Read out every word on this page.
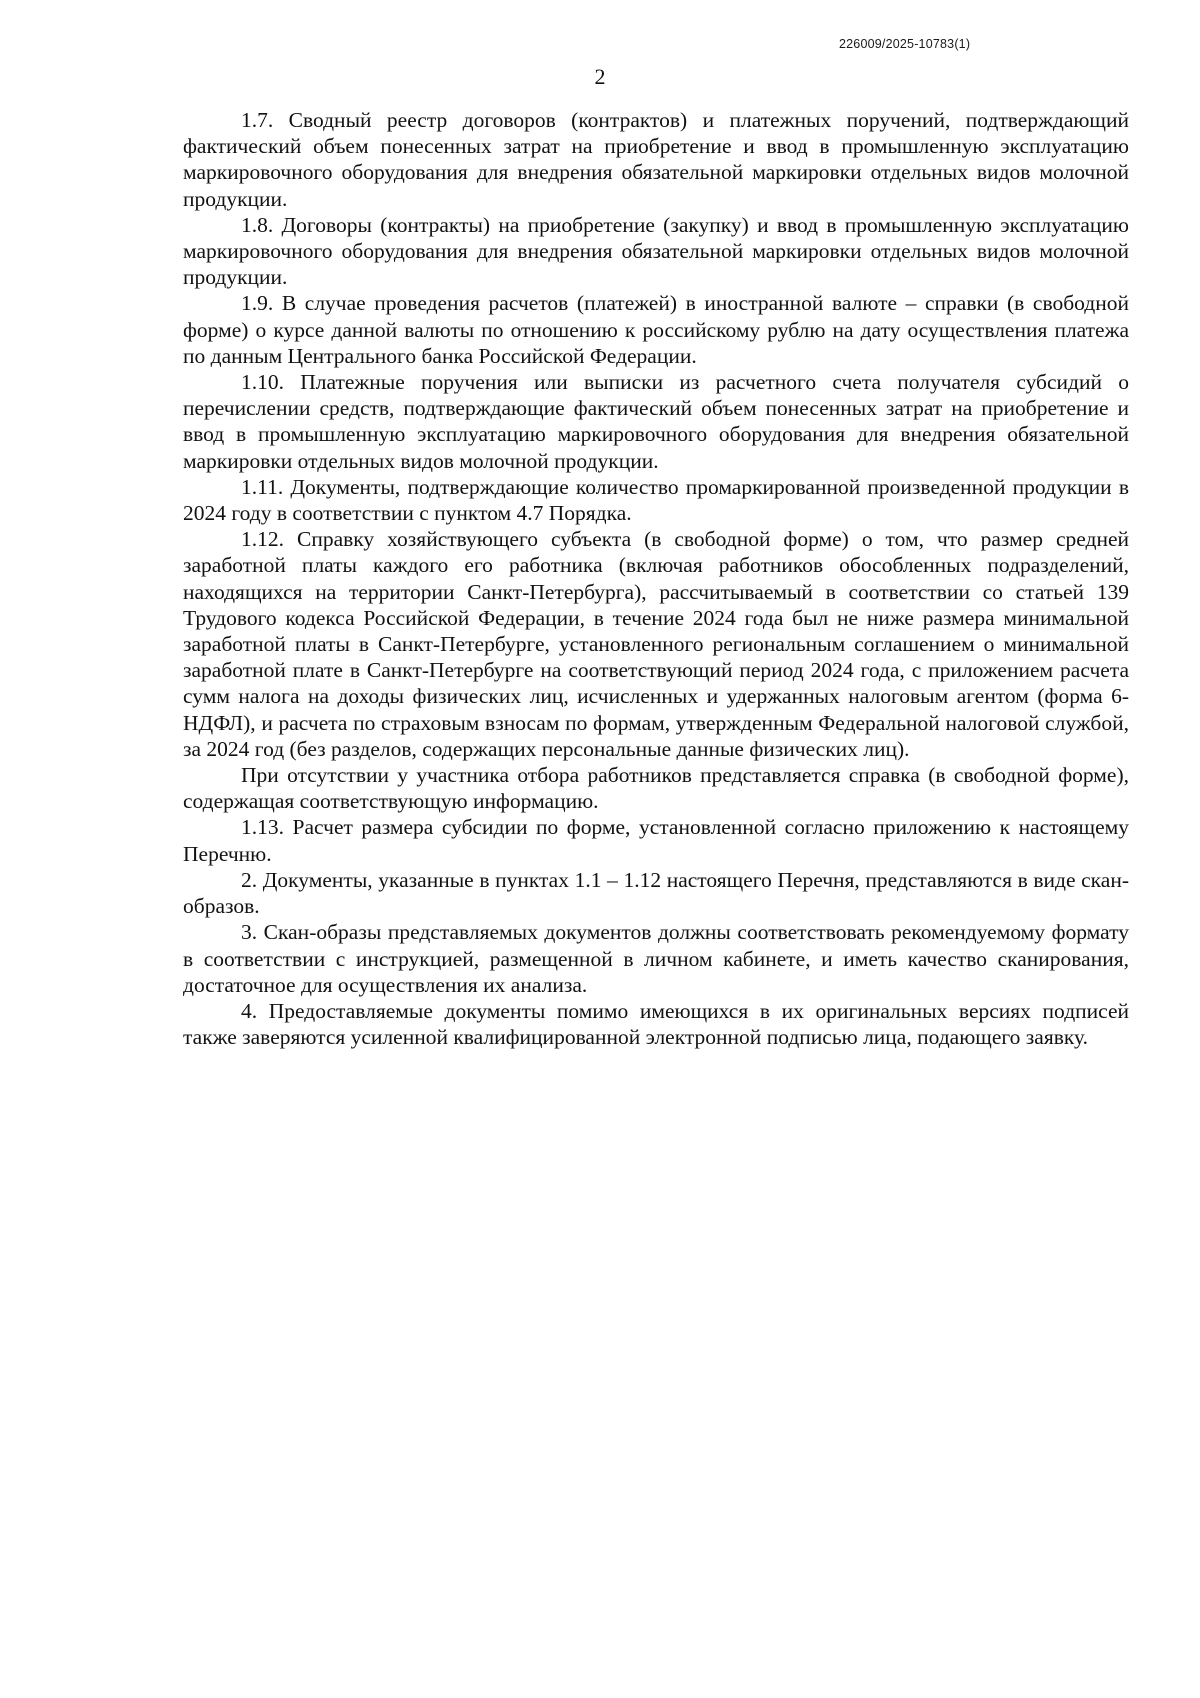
226009/2025-10783(1)
2

1.7. Сводный реестр договоров (контрактов) и платежных поручений, подтверждающий фактический объем понесенных затрат на приобретение и ввод в промышленную эксплуатацию маркировочного оборудования для внедрения обязательной маркировки отдельных видов молочной продукции.

1.8. Договоры (контракты) на приобретение (закупку) и ввод в промышленную эксплуатацию маркировочного оборудования для внедрения обязательной маркировки отдельных видов молочной продукции.

1.9. В случае проведения расчетов (платежей) в иностранной валюте – справки (в свободной форме) о курсе данной валюты по отношению к российскому рублю на дату осуществления платежа по данным Центрального банка Российской Федерации.

1.10. Платежные поручения или выписки из расчетного счета получателя субсидий о перечислении средств, подтверждающие фактический объем понесенных затрат на приобретение и ввод в промышленную эксплуатацию маркировочного оборудования для внедрения обязательной маркировки отдельных видов молочной продукции.

1.11. Документы, подтверждающие количество промаркированной произведенной продукции в 2024 году в соответствии с пунктом 4.7 Порядка.

1.12. Справку хозяйствующего субъекта (в свободной форме) о том, что размер средней заработной платы каждого его работника (включая работников обособленных подразделений, находящихся на территории Санкт-Петербурга), рассчитываемый в соответствии со статьей 139 Трудового кодекса Российской Федерации, в течение 2024 года был не ниже размера минимальной заработной платы в Санкт-Петербурге, установленного региональным соглашением о минимальной заработной плате в Санкт-Петербурге на соответствующий период 2024 года, с приложением расчета сумм налога на доходы физических лиц, исчисленных и удержанных налоговым агентом (форма 6-НДФЛ), и расчета по страховым взносам по формам, утвержденным Федеральной налоговой службой, за 2024 год (без разделов, содержащих персональные данные физических лиц).

При отсутствии у участника отбора работников представляется справка (в свободной форме), содержащая соответствующую информацию.

1.13. Расчет размера субсидии по форме, установленной согласно приложению к настоящему Перечню.

2. Документы, указанные в пунктах 1.1 – 1.12 настоящего Перечня, представляются в виде скан-образов.

3. Скан-образы представляемых документов должны соответствовать рекомендуемому формату в соответствии с инструкцией, размещенной в личном кабинете, и иметь качество сканирования, достаточное для осуществления их анализа.

4. Предоставляемые документы помимо имеющихся в их оригинальных версиях подписей также заверяются усиленной квалифицированной электронной подписью лица, подающего заявку.
